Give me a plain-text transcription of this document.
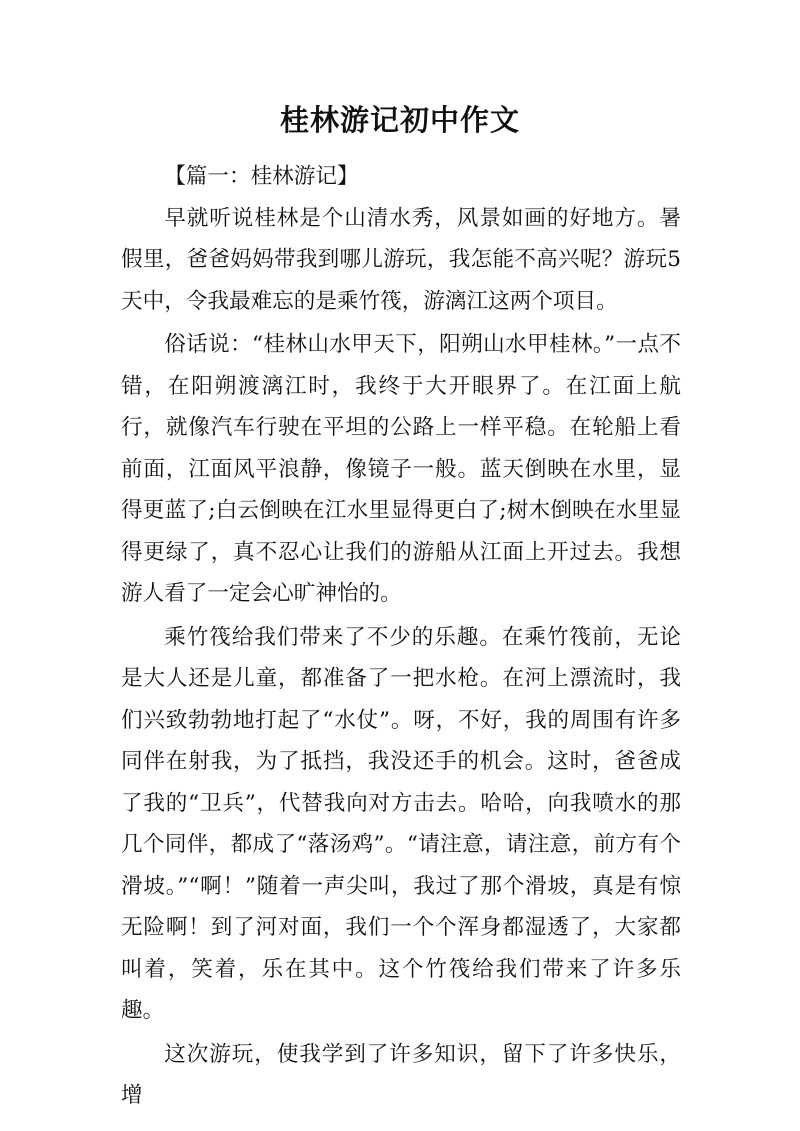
桂林游记初中作文

【篇一：桂林游记】

早就听说桂林是个山清水秀，风景如画的好地方。暑假里，爸爸妈妈带我到哪儿游玩，我怎能不高兴呢？游玩5天中，令我最难忘的是乘竹筏，游漓江这两个项目。

俗话说：“桂林山水甲天下，阳朔山水甲桂林。”一点不错，在阳朔渡漓江时，我终于大开眼界了。在江面上航行，就像汽车行驶在平坦的公路上一样平稳。在轮船上看前面，江面风平浪静，像镜子一般。蓝天倒映在水里，显得更蓝了;白云倒映在江水里显得更白了;树木倒映在水里显得更绿了，真不忍心让我们的游船从江面上开过去。我想游人看了一定会心旷神怡的。

乘竹筏给我们带来了不少的乐趣。在乘竹筏前，无论是大人还是儿童，都准备了一把水枪。在河上漂流时，我们兴致勃勃地打起了“水仗”。呀，不好，我的周围有许多同伴在射我，为了抵挡，我没还手的机会。这时，爸爸成了我的“卫兵”，代替我向对方击去。哈哈，向我喷水的那几个同伴，都成了“落汤鸡”。“请注意，请注意，前方有个滑坡。”“啊！”随着一声尖叫，我过了那个滑坡，真是有惊无险啊！到了河对面，我们一个个浑身都湿透了，大家都叫着，笑着，乐在其中。这个竹筏给我们带来了许多乐趣。

这次游玩，使我学到了许多知识，留下了许多快乐，增
